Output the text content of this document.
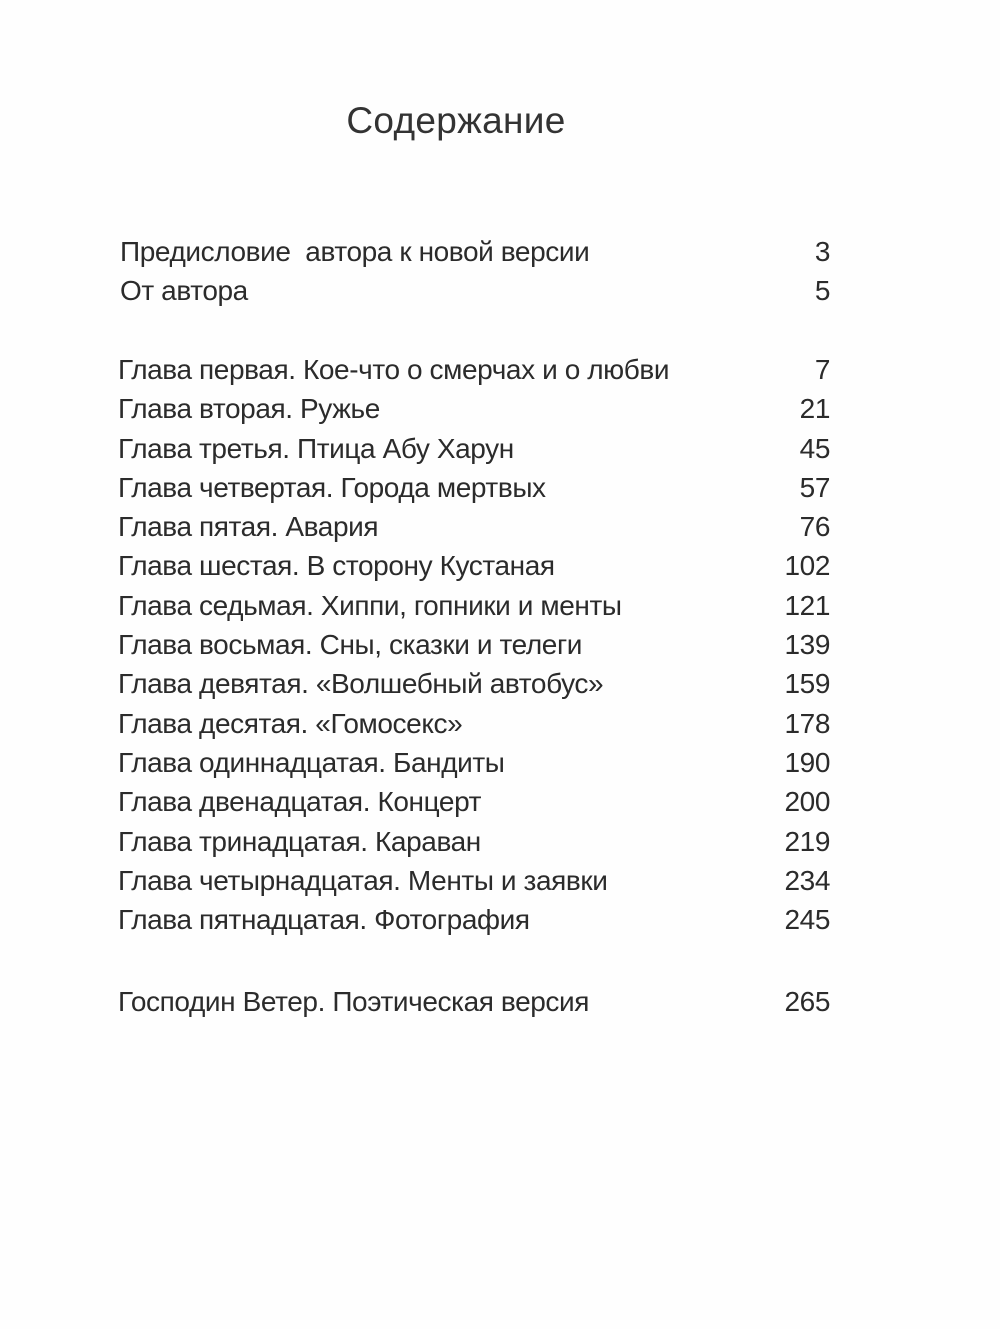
Содержание
Предисловие  автора к новой версии	3
От автора	5
Глава первая. Кое-что о смерчах и о любви	7
Глава вторая. Ружье	21
Глава третья. Птица Абу Харун	45
Глава четвертая. Города мертвых	57
Глава пятая. Авария	76
Глава шестая. В сторону Кустаная	102
Глава седьмая. Хиппи, гопники и менты	121
Глава восьмая. Сны, сказки и телеги	139
Глава девятая. «Волшебный автобус»	159
Глава десятая. «Гомосекс»	178
Глава одиннадцатая. Бандиты	190
Глава двенадцатая. Концерт	200
Глава тринадцатая. Караван	219
Глава четырнадцатая. Менты и заявки	234
Глава пятнадцатая. Фотография	245
Господин Ветер. Поэтическая версия	265
